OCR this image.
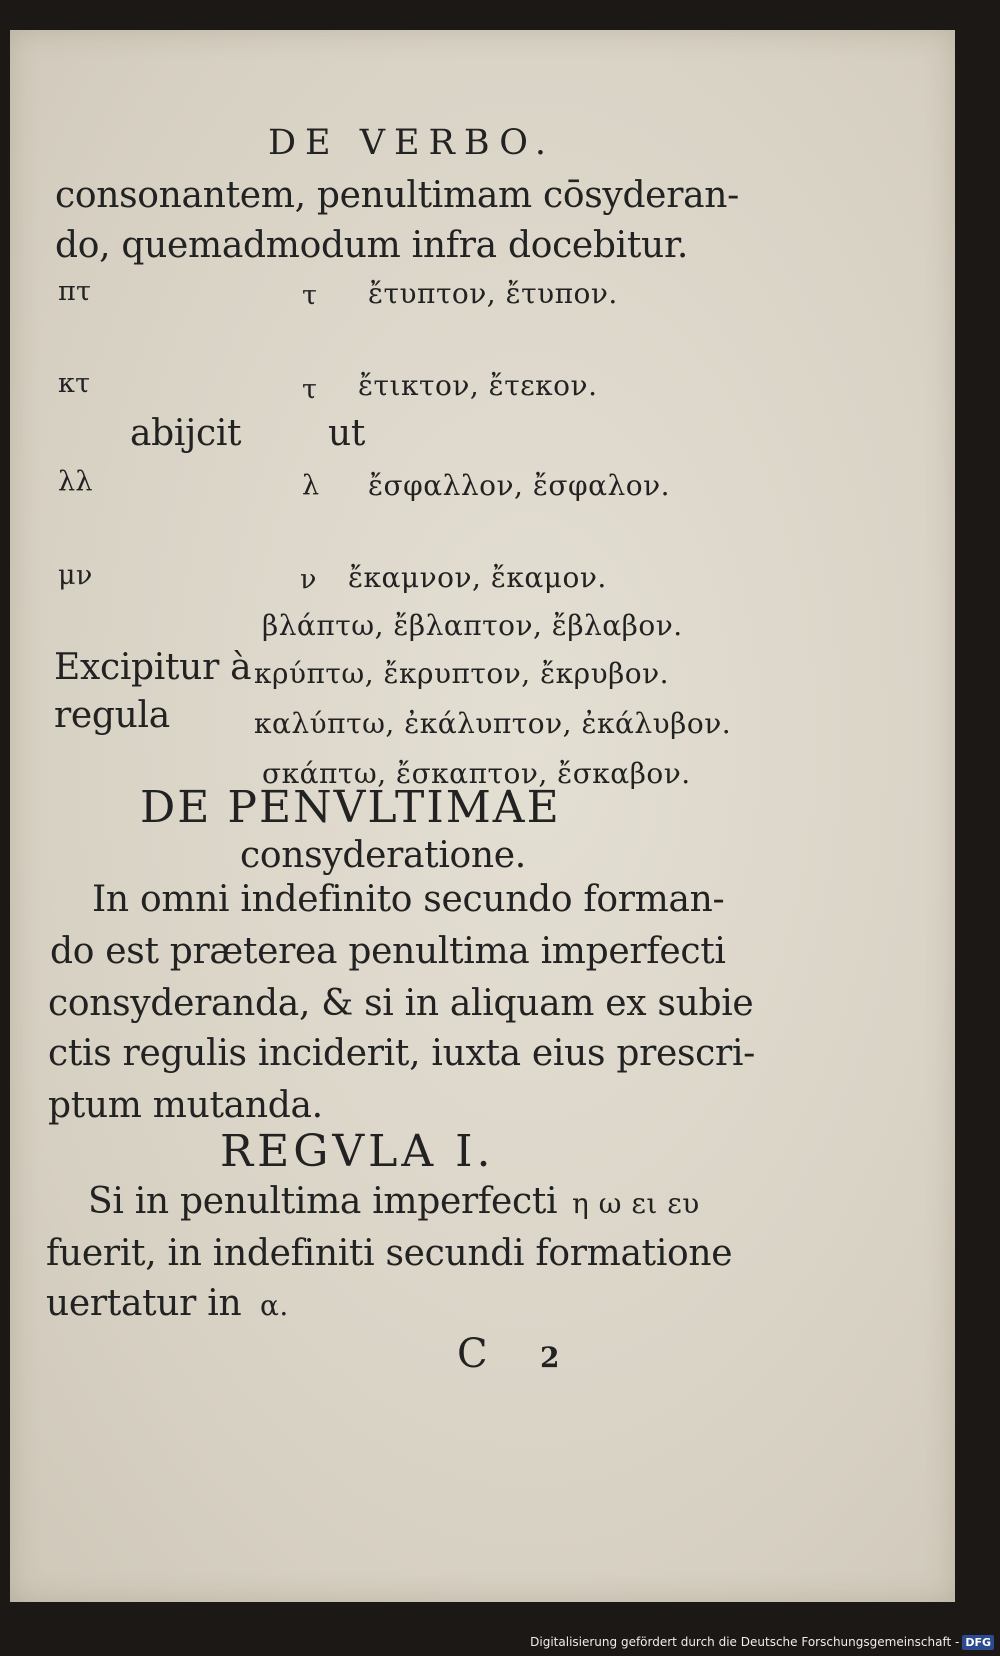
DE VERBO.
consonantem, penultimam cōsyderan-
do, quemadmodum infra docebitur.
πτ	τ ἔτυπτον, ἔτυπον.
κτ	τ ἔτικτον, ἔτεκον.
abijcit ut
λλ	λ ἔσφαλλον, ἔσφαλον.
μν	ν ἔκαμνον, ἔκαμον.
βλάπτω, ἔβλαπτον, ἔβλαβον.
Excipitur à κρύπτω, ἔκρυπτον, ἔκρυβον.
regula	καλύπτω, ἐκάλυπτον, ἐκάλυβον.
σκάπτω, ἔσκαπτον, ἔσκαβον.
DE PENVLTIMAE
consyderatione.
In omni indefinito secundo forman-
do est præterea penultima imperfecti
consyderanda, & si in aliquam ex subie
ctis regulis inciderit, iuxta eius prescri-
ptum mutanda.
REGVLA I.
Si in penultima imperfecti η ω ει ευ
fuerit, in indefiniti secundi formatione
uertatur in α.
C 2
Digitalisierung gefördert durch die Deutsche Forschungsgemeinschaft - DFG
